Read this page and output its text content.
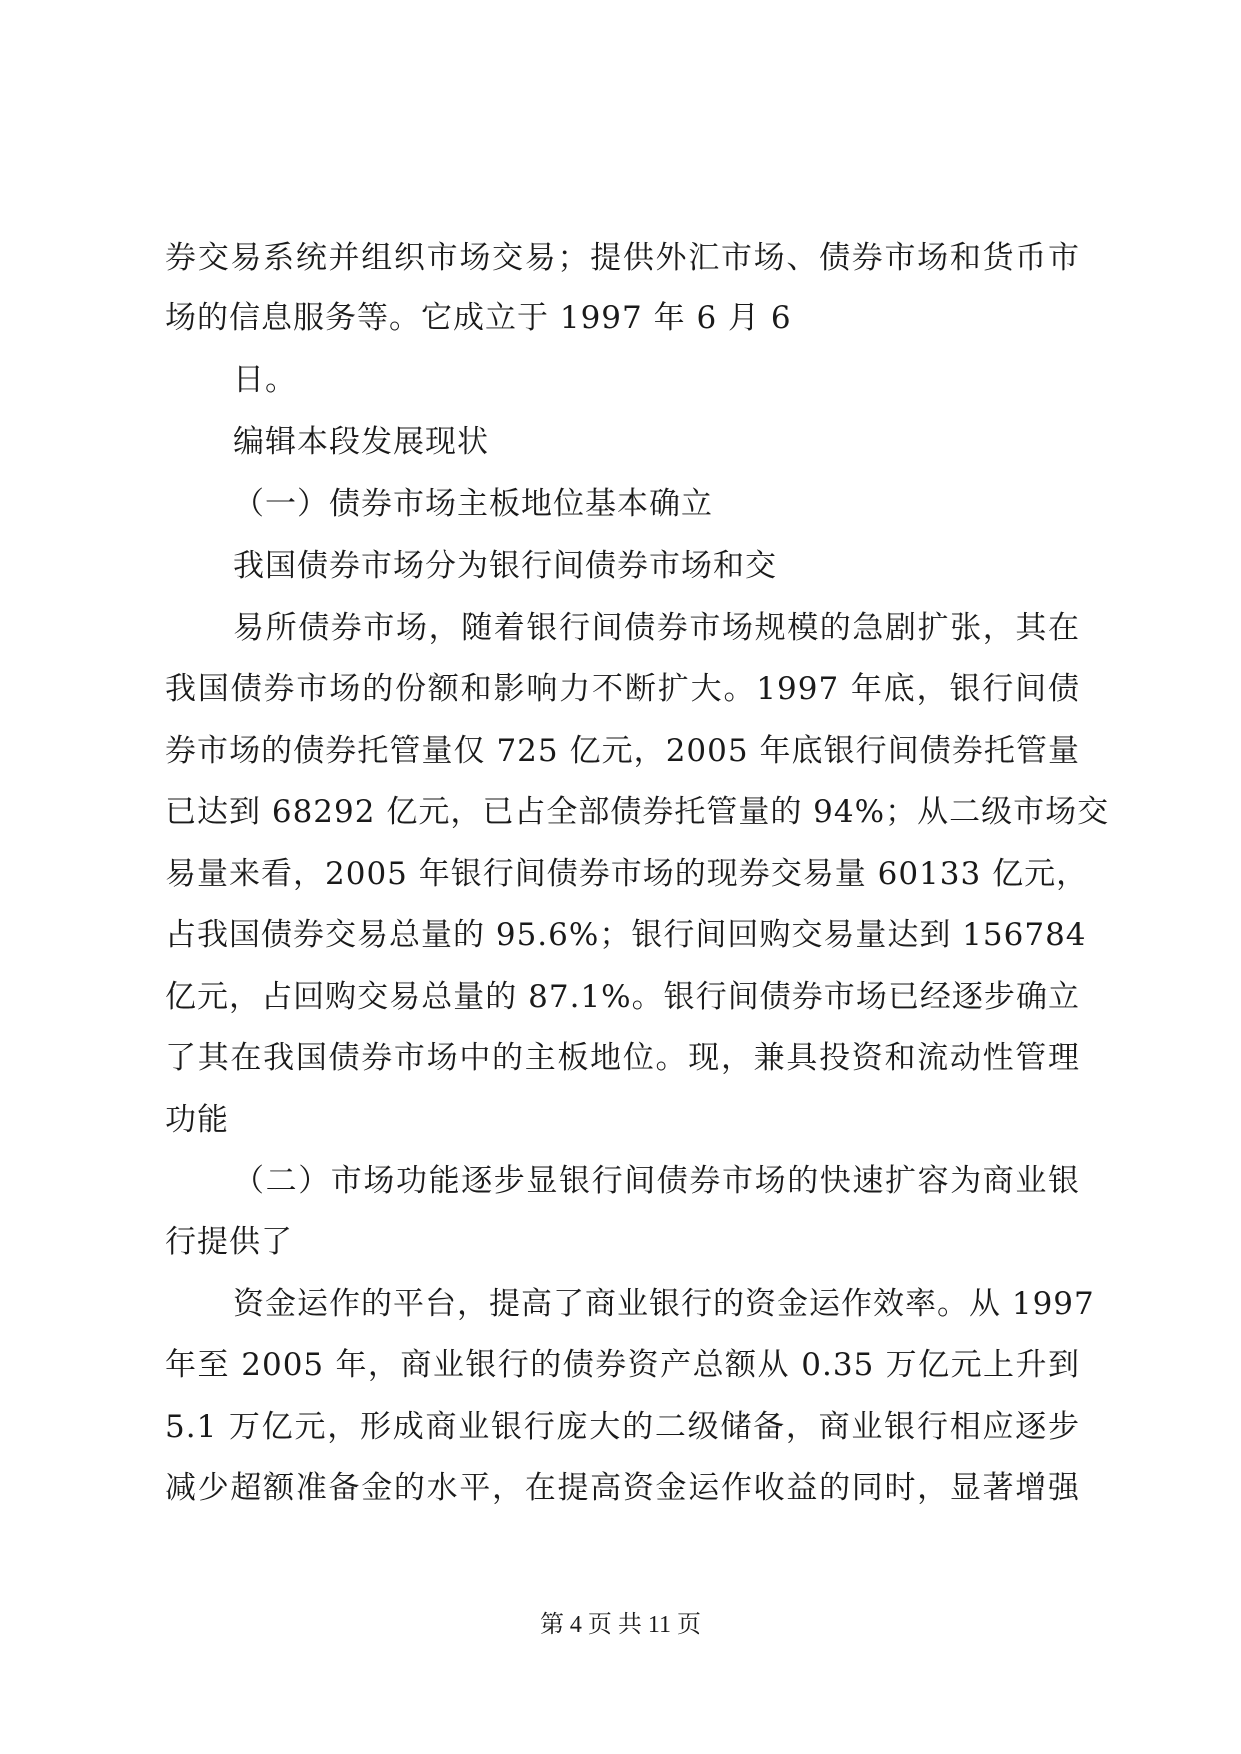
券交易系统并组织市场交易；提供外汇市场、债券市场和货币市
场的信息服务等。它成立于 1997 年 6 月 6
日。
编辑本段发展现状
（一）债券市场主板地位基本确立
我国债券市场分为银行间债券市场和交
易所债券市场，随着银行间债券市场规模的急剧扩张，其在
我国债券市场的份额和影响力不断扩大。1997 年底，银行间债
券市场的债券托管量仅 725 亿元，2005 年底银行间债券托管量
已达到 68292 亿元，已占全部债券托管量的 94%；从二级市场交
易量来看，2005 年银行间债券市场的现券交易量 60133 亿元，
占我国债券交易总量的 95.6%；银行间回购交易量达到 156784
亿元，占回购交易总量的 87.1%。银行间债券市场已经逐步确立
了其在我国债券市场中的主板地位。现，兼具投资和流动性管理
功能
（二）市场功能逐步显银行间债券市场的快速扩容为商业银
行提供了
资金运作的平台，提高了商业银行的资金运作效率。从 1997
年至 2005 年，商业银行的债券资产总额从 0.35 万亿元上升到
5.1 万亿元，形成商业银行庞大的二级储备，商业银行相应逐步
减少超额准备金的水平，在提高资金运作收益的同时，显著增强
第 4 页 共 11 页
